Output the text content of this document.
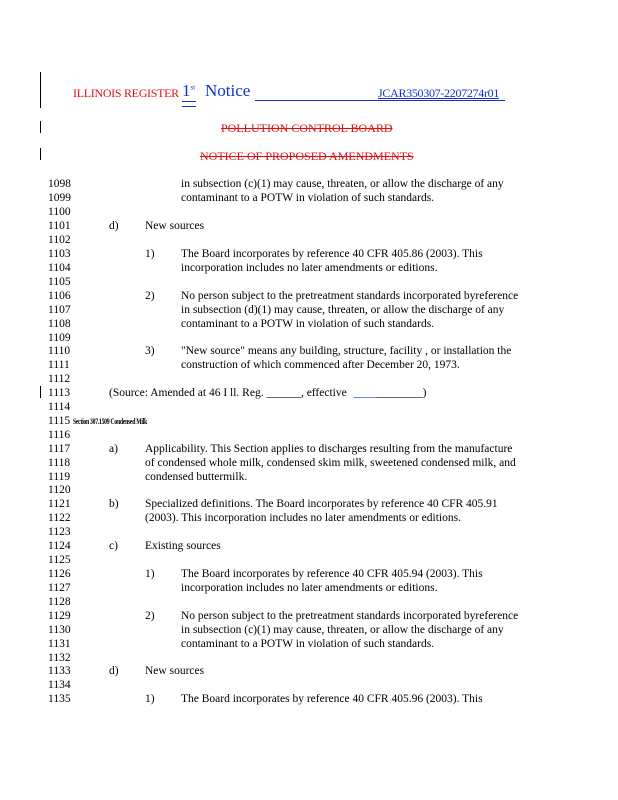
ILLINOIS REGISTER 1st Notice	JCAR350307-2207274r01
POLLUTION CONTROL BOARD
NOTICE OF PROPOSED AMENDMENTS
1098
1099
1100
1101
1102
1103
1104
1105
1106
1107
1108
1109
1110
1111
1112
1113
1114
1115
1116
1117
1118
1119
1120
1121
1122
1123
1124
1125
1126
1127
1128
1129
1130
1131
1132
1133
1134
1135
in subsection (c)(1) may cause, threaten, or allow the discharge of any
contaminant to a POTW in violation of such standards.
d) New sources
1) The Board incorporates by reference 40 CFR 405.86 (2003). This
incorporation includes no later amendments or editions.
2) No person subject to the pretreatment standards incorporated byreference
in subsection (d)(1) may cause, threaten, or allow the discharge of any
contaminant to a POTW in violation of such standards.
3) "New source" means any building, structure, facility , or installation the
construction of which commenced after December 20, 1973.
(Source: Amended at 46 I ll. Reg. ______, effective ____________)
Section 307.1509 Condensed Milk
a) Applicability. This Section applies to discharges resulting from the manufacture
of condensed whole milk, condensed skim milk, sweetened condensed milk, and
condensed buttermilk.
b) Specialized definitions. The Board incorporates by reference 40 CFR 405.91
(2003). This incorporation includes no later amendments or editions.
c) Existing sources
1) The Board incorporates by reference 40 CFR 405.94 (2003). This
incorporation includes no later amendments or editions.
2) No person subject to the pretreatment standards incorporated byreference
in subsection (c)(1) may cause, threaten, or allow the discharge of any
contaminant to a POTW in violation of such standards.
d) New sources
1) The Board incorporates by reference 40 CFR 405.96 (2003). This
